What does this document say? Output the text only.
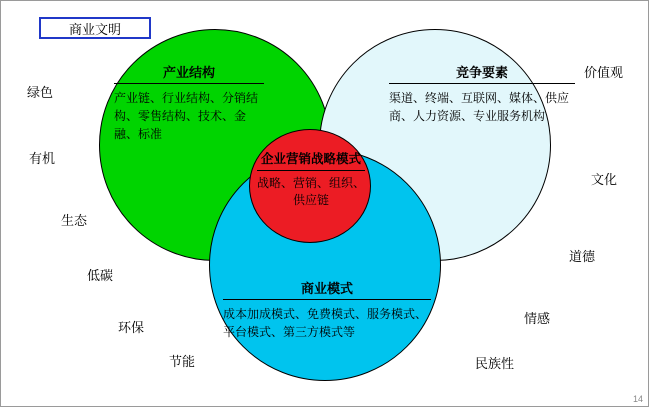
商业文明
产业结构
产业链、行业结构、分销结构、零售结构、技术、金融、标准
竞争要素
渠道、终端、互联网、媒体、供应商、人力资源、专业服务机构
商业模式
成本加成模式、免费模式、服务模式、平台模式、第三方模式等
企业营销战略模式
战略、营销、组织、供应链
绿色
有机
生态
低碳
环保
节能
价值观
文化
道德
情感
民族性
14
